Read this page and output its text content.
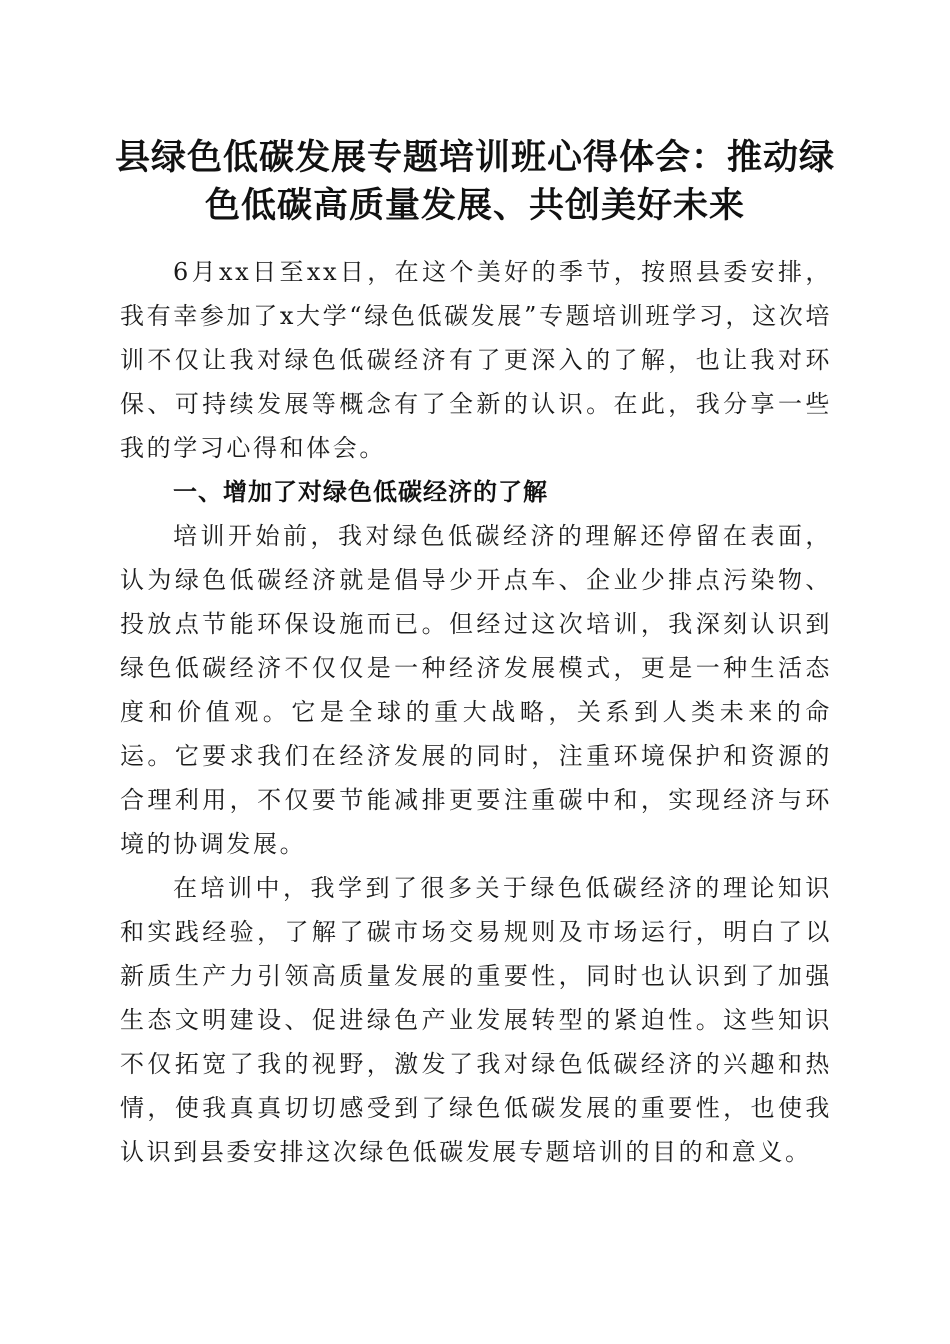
县绿色低碳发展专题培训班心得体会：推动绿色低碳高质量发展、共创美好未来

6月xx日至xx日，在这个美好的季节，按照县委安排，我有幸参加了x大学“绿色低碳发展”专题培训班学习，这次培训不仅让我对绿色低碳经济有了更深入的了解，也让我对环保、可持续发展等概念有了全新的认识。在此，我分享一些我的学习心得和体会。

一、增加了对绿色低碳经济的了解

培训开始前，我对绿色低碳经济的理解还停留在表面，认为绿色低碳经济就是倡导少开点车、企业少排点污染物、投放点节能环保设施而已。但经过这次培训，我深刻认识到绿色低碳经济不仅仅是一种经济发展模式，更是一种生活态度和价值观。它是全球的重大战略，关系到人类未来的命运。它要求我们在经济发展的同时，注重环境保护和资源的合理利用，不仅要节能减排更要注重碳中和，实现经济与环境的协调发展。

在培训中，我学到了很多关于绿色低碳经济的理论知识和实践经验，了解了碳市场交易规则及市场运行，明白了以新质生产力引领高质量发展的重要性，同时也认识到了加强生态文明建设、促进绿色产业发展转型的紧迫性。这些知识不仅拓宽了我的视野，激发了我对绿色低碳经济的兴趣和热情，使我真真切切感受到了绿色低碳发展的重要性，也使我认识到县委安排这次绿色低碳发展专题培训的目的和意义。
